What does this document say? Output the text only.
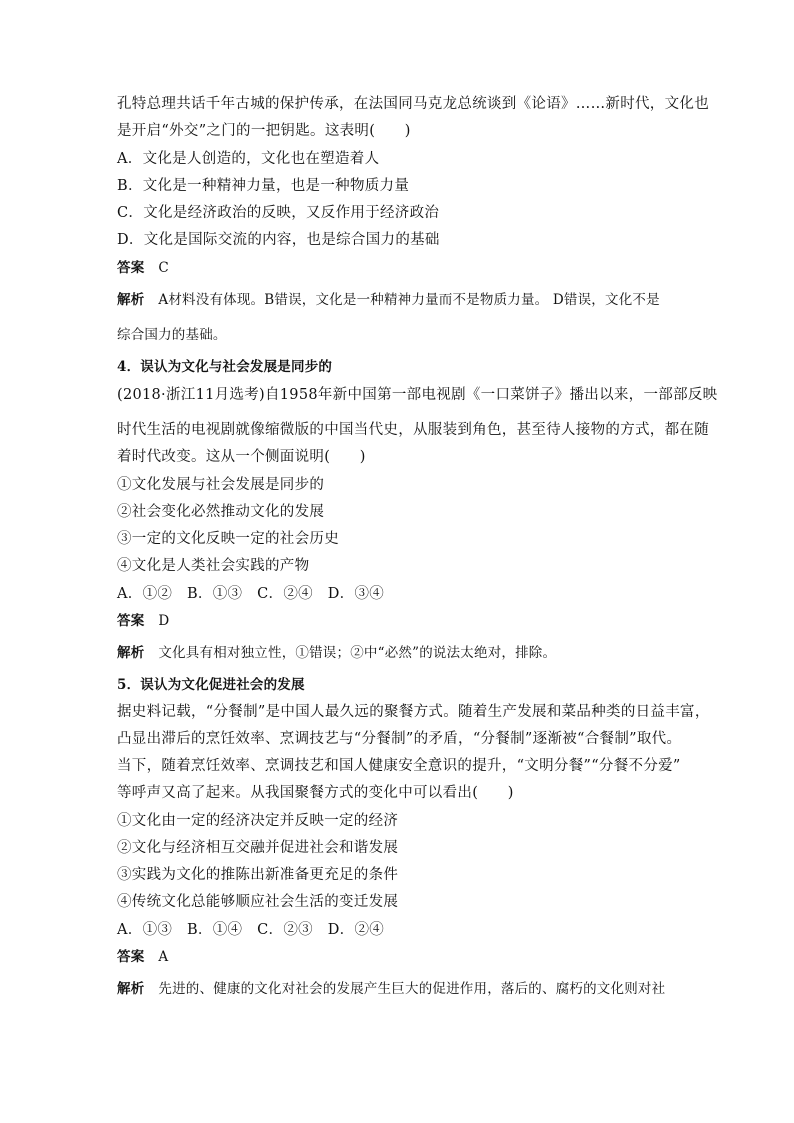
孔特总理共话千年古城的保护传承，在法国同马克龙总统谈到《论语》……新时代，文化也
是开启“外交”之门的一把钥匙。这表明(　　)
A．文化是人创造的，文化也在塑造着人
B．文化是一种精神力量，也是一种物质力量
C．文化是经济政治的反映，又反作用于经济政治
D．文化是国际交流的内容，也是综合国力的基础
答案 C
解析 A材料没有体现。B错误，文化是一种精神力量而不是物质力量。 D错误，文化不是
综合国力的基础。
4．误认为文化与社会发展是同步的
(2018·浙江11月选考)自1958年新中国第一部电视剧《一口菜饼子》播出以来，一部部反映
时代生活的电视剧就像缩微版的中国当代史，从服装到角色，甚至待人接物的方式，都在随
着时代改变。这从一个侧面说明(　　)
①文化发展与社会发展是同步的
②社会变化必然推动文化的发展
③一定的文化反映一定的社会历史
④文化是人类社会实践的产物
A．①②　B．①③　C．②④　D．③④
答案 D
解析 文化具有相对独立性，①错误；②中“必然”的说法太绝对，排除。
5．误认为文化促进社会的发展
据史料记载，“分餐制”是中国人最久远的聚餐方式。随着生产发展和菜品种类的日益丰富，
凸显出滞后的烹饪效率、烹调技艺与“分餐制”的矛盾，“分餐制”逐渐被“合餐制”取代。
当下，随着烹饪效率、烹调技艺和国人健康安全意识的提升，“文明分餐”“分餐不分爱”
等呼声又高了起来。从我国聚餐方式的变化中可以看出(　　)
①文化由一定的经济决定并反映一定的经济
②文化与经济相互交融并促进社会和谐发展
③实践为文化的推陈出新准备更充足的条件
④传统文化总能够顺应社会生活的变迁发展
A．①③　B．①④　C．②③　D．②④
答案 A
解析 先进的、健康的文化对社会的发展产生巨大的促进作用，落后的、腐朽的文化则对社
